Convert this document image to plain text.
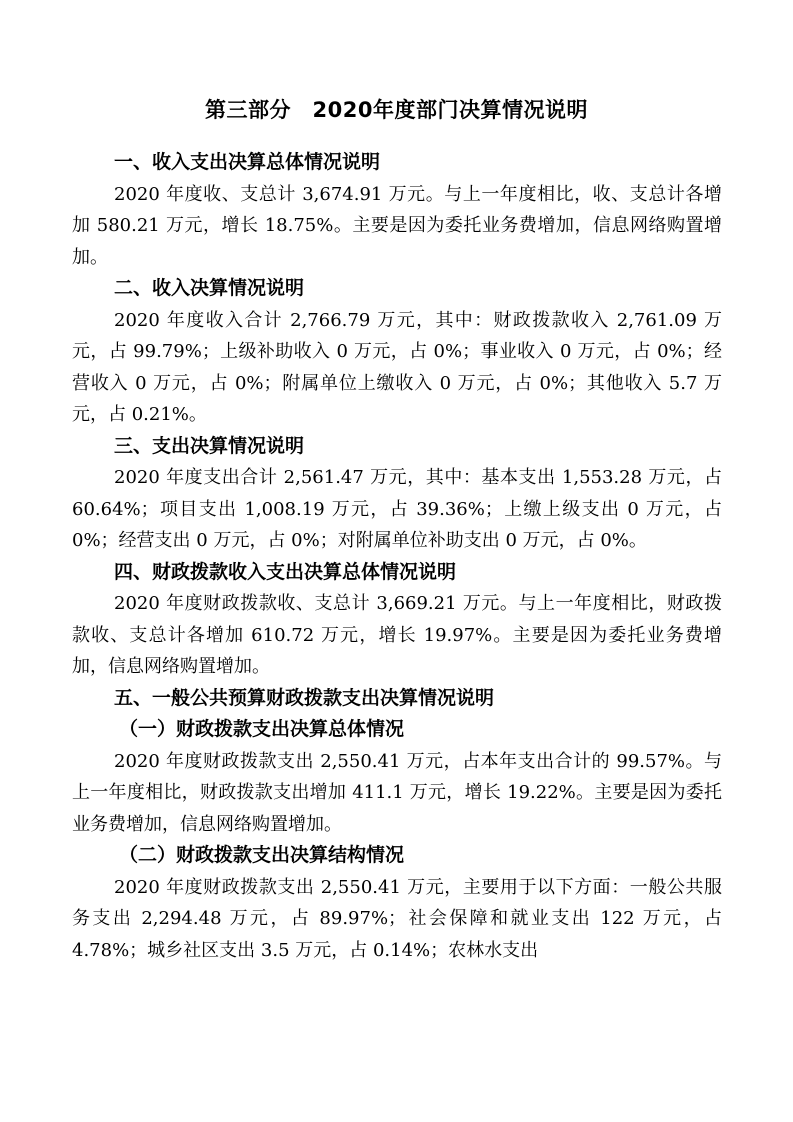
第三部分　2020年度部门决算情况说明
一、收入支出决算总体情况说明

2020 年度收、支总计 3,674.91 万元。与上一年度相比，收、支总计各增加 580.21 万元，增长 18.75%。主要是因为委托业务费增加，信息网络购置增加。

二、收入决算情况说明

2020 年度收入合计 2,766.79 万元，其中：财政拨款收入 2,761.09 万元，占 99.79%；上级补助收入 0 万元，占 0%；事业收入 0 万元，占 0%；经营收入 0 万元，占 0%；附属单位上缴收入 0 万元，占 0%；其他收入 5.7 万元，占 0.21%。

三、支出决算情况说明

2020 年度支出合计 2,561.47 万元，其中：基本支出 1,553.28 万元，占 60.64%；项目支出 1,008.19 万元，占 39.36%；上缴上级支出 0 万元，占 0%；经营支出 0 万元，占 0%；对附属单位补助支出 0 万元，占 0%。

四、财政拨款收入支出决算总体情况说明

2020 年度财政拨款收、支总计 3,669.21 万元。与上一年度相比，财政拨款收、支总计各增加 610.72 万元，增长 19.97%。主要是因为委托业务费增加，信息网络购置增加。

五、一般公共预算财政拨款支出决算情况说明
（一）财政拨款支出决算总体情况

2020 年度财政拨款支出 2,550.41 万元，占本年支出合计的 99.57%。与上一年度相比，财政拨款支出增加 411.1 万元，增长 19.22%。主要是因为委托业务费增加，信息网络购置增加。

（二）财政拨款支出决算结构情况

2020 年度财政拨款支出 2,550.41 万元，主要用于以下方面：一般公共服务支出 2,294.48 万元，占 89.97%；社会保障和就业支出 122 万元，占 4.78%；城乡社区支出 3.5 万元，占 0.14%；农林水支出
